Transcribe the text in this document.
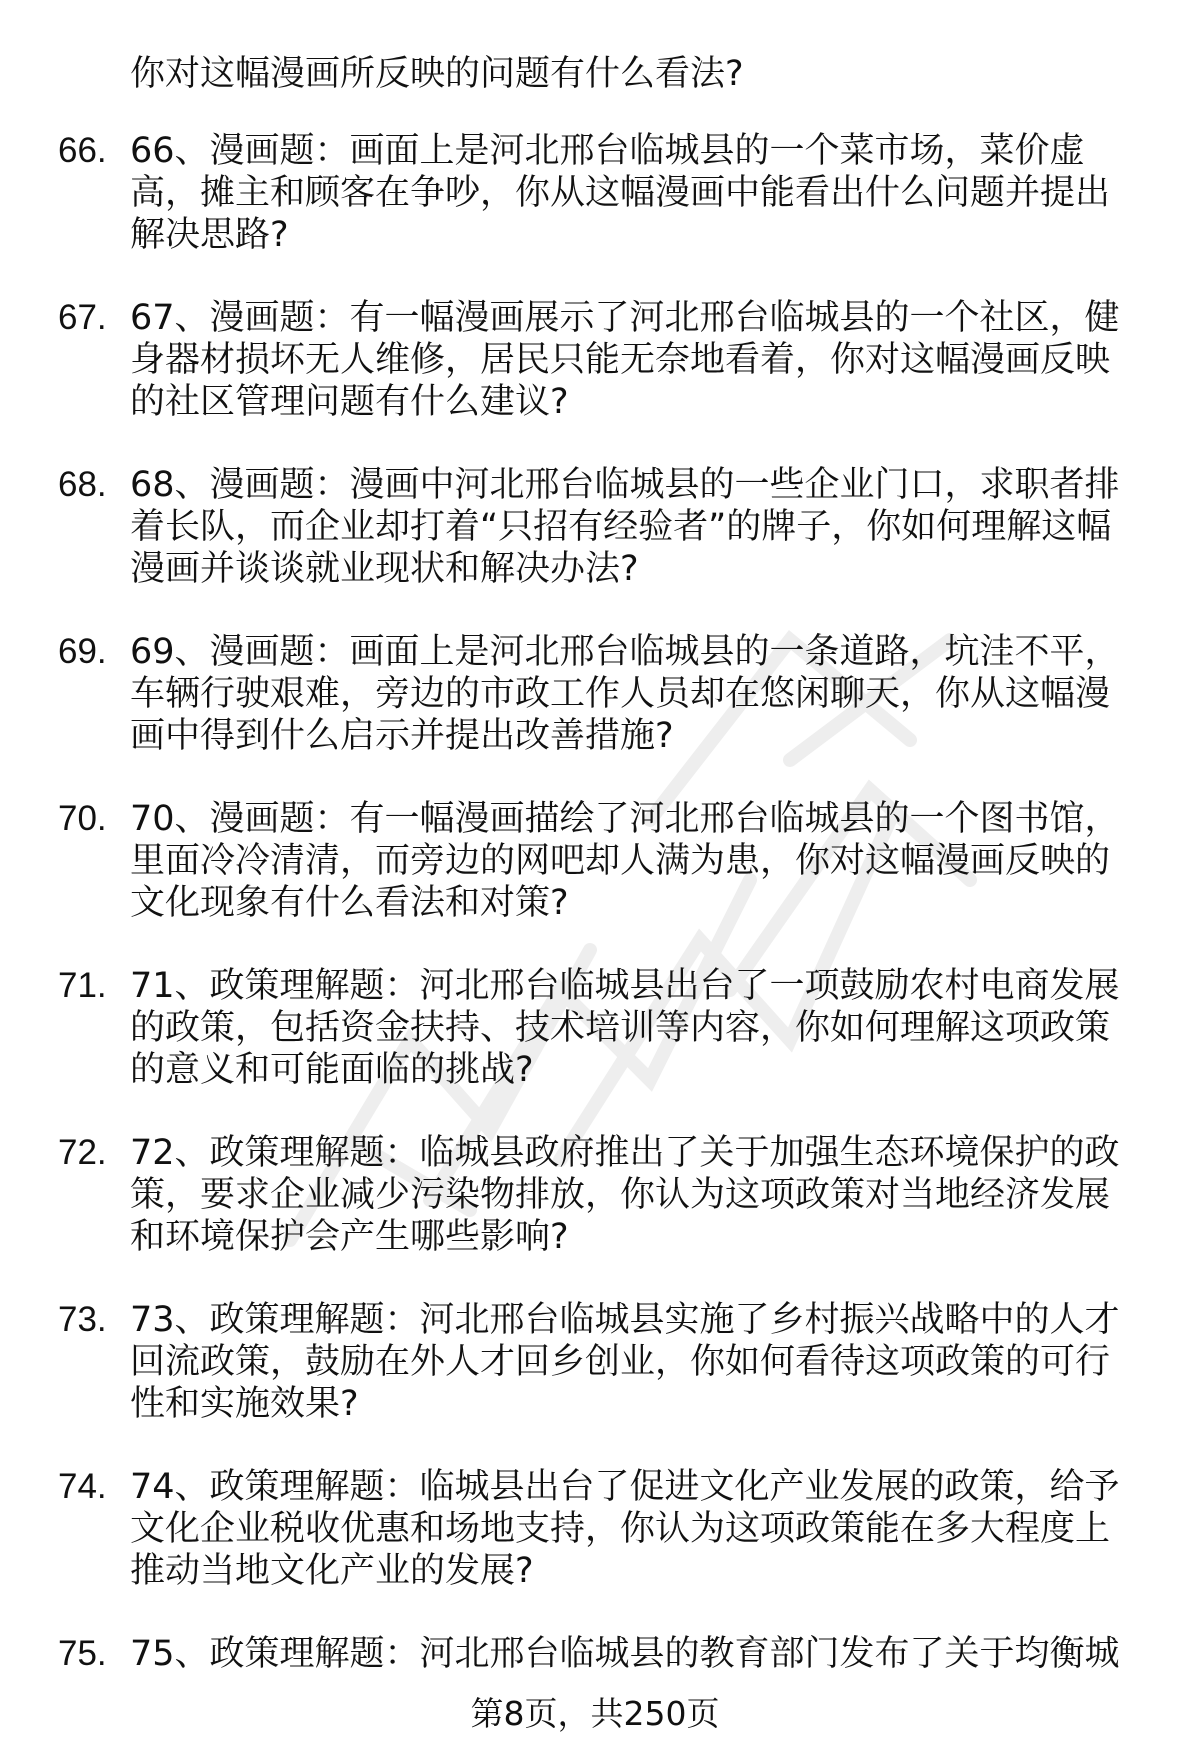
你对这幅漫画所反映的问题有什么看法?
66. 66、漫画题：画面上是河北邢台临城县的一个菜市场，菜价虚
高，摊主和顾客在争吵，你从这幅漫画中能看出什么问题并提出
解决思路?
67. 67、漫画题：有一幅漫画展示了河北邢台临城县的一个社区，健
身器材损坏无人维修，居民只能无奈地看着，你对这幅漫画反映
的社区管理问题有什么建议?
68. 68、漫画题：漫画中河北邢台临城县的一些企业门口，求职者排
着长队，而企业却打着“只招有经验者”的牌子，你如何理解这幅
漫画并谈谈就业现状和解决办法?
69. 69、漫画题：画面上是河北邢台临城县的一条道路，坑洼不平，
车辆行驶艰难，旁边的市政工作人员却在悠闲聊天，你从这幅漫
画中得到什么启示并提出改善措施?
70. 70、漫画题：有一幅漫画描绘了河北邢台临城县的一个图书馆，
里面冷冷清清，而旁边的网吧却人满为患，你对这幅漫画反映的
文化现象有什么看法和对策?
71. 71、政策理解题：河北邢台临城县出台了一项鼓励农村电商发展
的政策，包括资金扶持、技术培训等内容，你如何理解这项政策
的意义和可能面临的挑战?
72. 72、政策理解题：临城县政府推出了关于加强生态环境保护的政
策，要求企业减少污染物排放，你认为这项政策对当地经济发展
和环境保护会产生哪些影响?
73. 73、政策理解题：河北邢台临城县实施了乡村振兴战略中的人才
回流政策，鼓励在外人才回乡创业，你如何看待这项政策的可行
性和实施效果?
74. 74、政策理解题：临城县出台了促进文化产业发展的政策，给予
文化企业税收优惠和场地支持，你认为这项政策能在多大程度上
推动当地文化产业的发展?
75. 75、政策理解题：河北邢台临城县的教育部门发布了关于均衡城
第8页，共250页
